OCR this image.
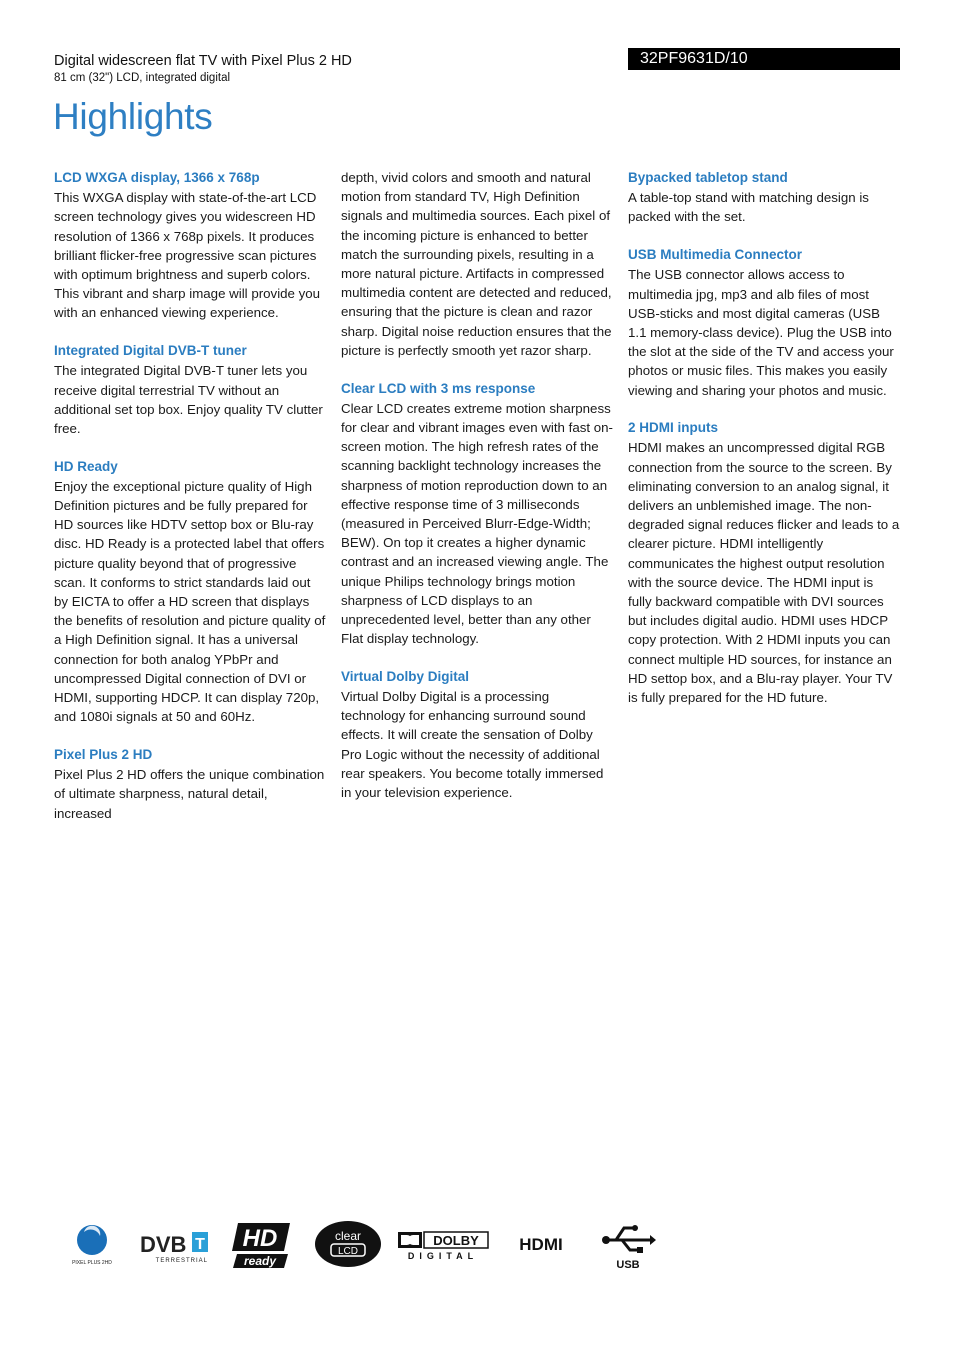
Digital widescreen flat TV with Pixel Plus 2 HD
81 cm (32") LCD, integrated digital
32PF9631D/10
Highlights
LCD WXGA display, 1366 x 768p

This WXGA display with state-of-the-art LCD screen technology gives you widescreen HD resolution of 1366 x 768p pixels. It produces brilliant flicker-free progressive scan pictures with optimum brightness and superb colors. This vibrant and sharp image will provide you with an enhanced viewing experience.

Integrated Digital DVB-T tuner

The integrated Digital DVB-T tuner lets you receive digital terrestrial TV without an additional set top box. Enjoy quality TV clutter free.

HD Ready

Enjoy the exceptional picture quality of High Definition pictures and be fully prepared for HD sources like HDTV settop box or Blu-ray disc. HD Ready is a protected label that offers picture quality beyond that of progressive scan. It conforms to strict standards laid out by EICTA to offer a HD screen that displays the benefits of resolution and picture quality of a High Definition signal. It has a universal connection for both analog YPbPr and uncompressed Digital connection of DVI or HDMI, supporting HDCP. It can display 720p, and 1080i signals at 50 and 60Hz.

Pixel Plus 2 HD

Pixel Plus 2 HD offers the unique combination of ultimate sharpness, natural detail, increased

depth, vivid colors and smooth and natural motion from standard TV, High Definition signals and multimedia sources. Each pixel of the incoming picture is enhanced to better match the surrounding pixels, resulting in a more natural picture. Artifacts in compressed multimedia content are detected and reduced, ensuring that the picture is clean and razor sharp. Digital noise reduction ensures that the picture is perfectly smooth yet razor sharp.

Clear LCD with 3 ms response

Clear LCD creates extreme motion sharpness for clear and vibrant images even with fast on-screen motion. The high refresh rates of the scanning backlight technology increases the sharpness of motion reproduction down to an effective response time of 3 milliseconds (measured in Perceived Blurr-Edge-Width; BEW). On top it creates a higher dynamic contrast and an increased viewing angle. The unique Philips technology brings motion sharpness of LCD displays to an unprecedented level, better than any other Flat display technology.

Virtual Dolby Digital

Virtual Dolby Digital is a processing technology for enhancing surround sound effects. It will create the sensation of Dolby Pro Logic without the necessity of additional rear speakers. You become totally immersed in your television experience.

Bypacked tabletop stand

A table-top stand with matching design is packed with the set.

USB Multimedia Connector

The USB connector allows access to multimedia jpg, mp3 and alb files of most USB-sticks and most digital cameras (USB 1.1 memory-class device). Plug the USB into the slot at the side of the TV and access your photos or music files. This makes you easily viewing and sharing your photos and music.

2 HDMI inputs

HDMI makes an uncompressed digital RGB connection from the source to the screen. By eliminating conversion to an analog signal, it delivers an unblemished image. The non-degraded signal reduces flicker and leads to a clearer picture. HDMI intelligently communicates the highest output resolution with the source device. The HDMI input is fully backward compatible with DVI sources but includes digital audio. HDMI uses HDCP copy protection. With 2 HDMI inputs you can connect multiple HD sources, for instance an HD settop box, and a Blu-ray player. Your TV is fully prepared for the HD future.

PIXEL PLUS 2HD
DVB T
TERRESTRIAL
HD
ready
clear
LCD
DOLBY
DIGITAL
HDMI
USB
